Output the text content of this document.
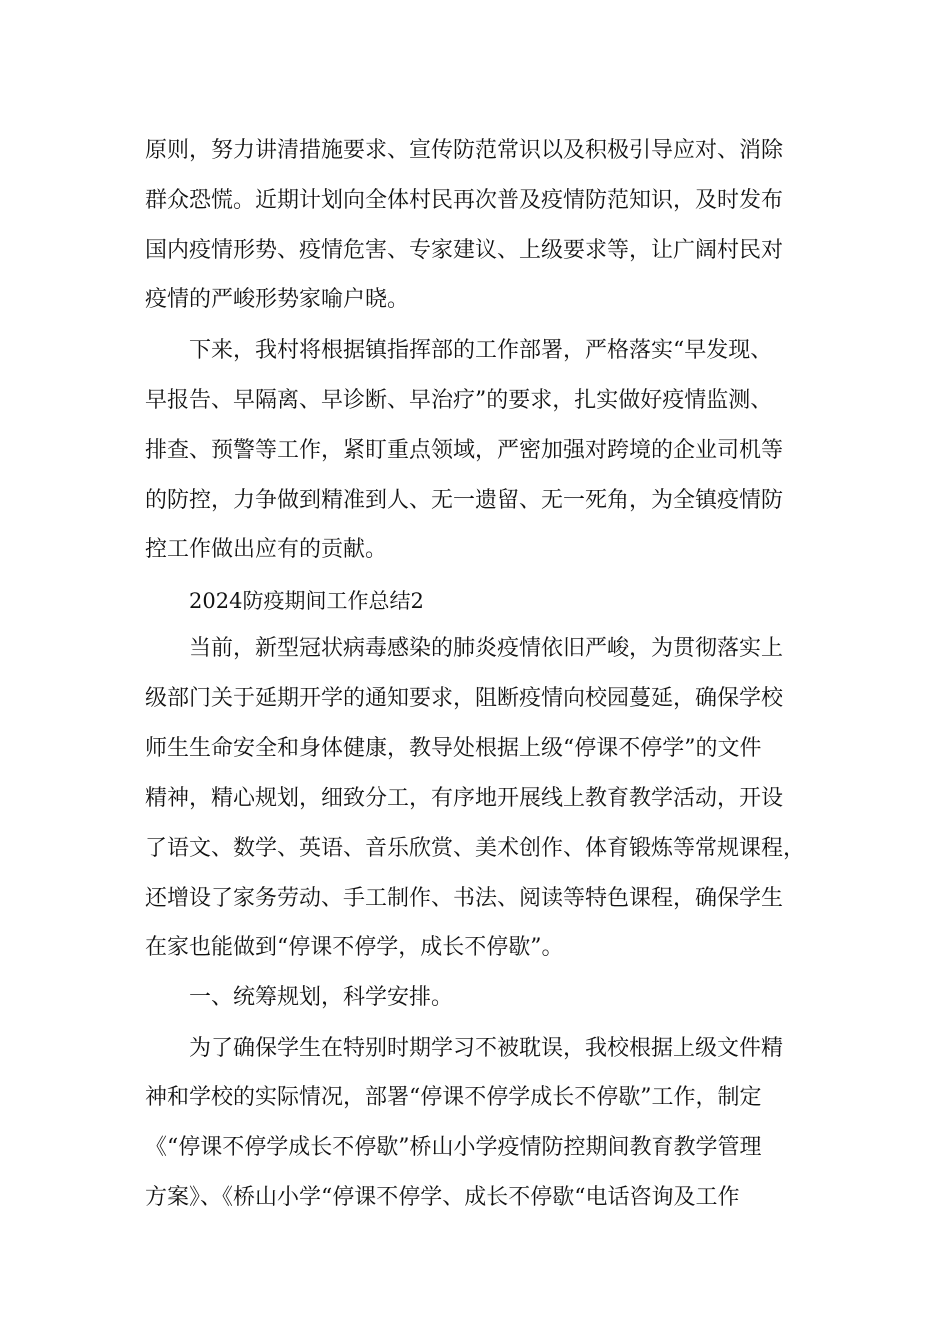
原则，努力讲清措施要求、宣传防范常识以及积极引导应对、消除
群众恐慌。近期计划向全体村民再次普及疫情防范知识，及时发布
国内疫情形势、疫情危害、专家建议、上级要求等，让广阔村民对
疫情的严峻形势家喻户晓。
下来，我村将根据镇指挥部的工作部署，严格落实“早发现、
早报告、早隔离、早诊断、早治疗”的要求，扎实做好疫情监测、
排查、预警等工作，紧盯重点领域，严密加强对跨境的企业司机等
的防控，力争做到精准到人、无一遗留、无一死角，为全镇疫情防
控工作做出应有的贡献。
2024防疫期间工作总结2
当前，新型冠状病毒感染的肺炎疫情依旧严峻，为贯彻落实上
级部门关于延期开学的通知要求，阻断疫情向校园蔓延，确保学校
师生生命安全和身体健康，教导处根据上级“停课不停学”的文件
精神，精心规划，细致分工，有序地开展线上教育教学活动，开设
了语文、数学、英语、音乐欣赏、美术创作、体育锻炼等常规课程，
还增设了家务劳动、手工制作、书法、阅读等特色课程，确保学生
在家也能做到“停课不停学，成长不停歇”。
一、统筹规划，科学安排。
为了确保学生在特别时期学习不被耽误，我校根据上级文件精
神和学校的实际情况，部署“停课不停学成长不停歇”工作，制定
《“停课不停学成长不停歇”桥山小学疫情防控期间教育教学管理
方案》、《桥山小学“停课不停学、成长不停歇“电话咨询及工作
